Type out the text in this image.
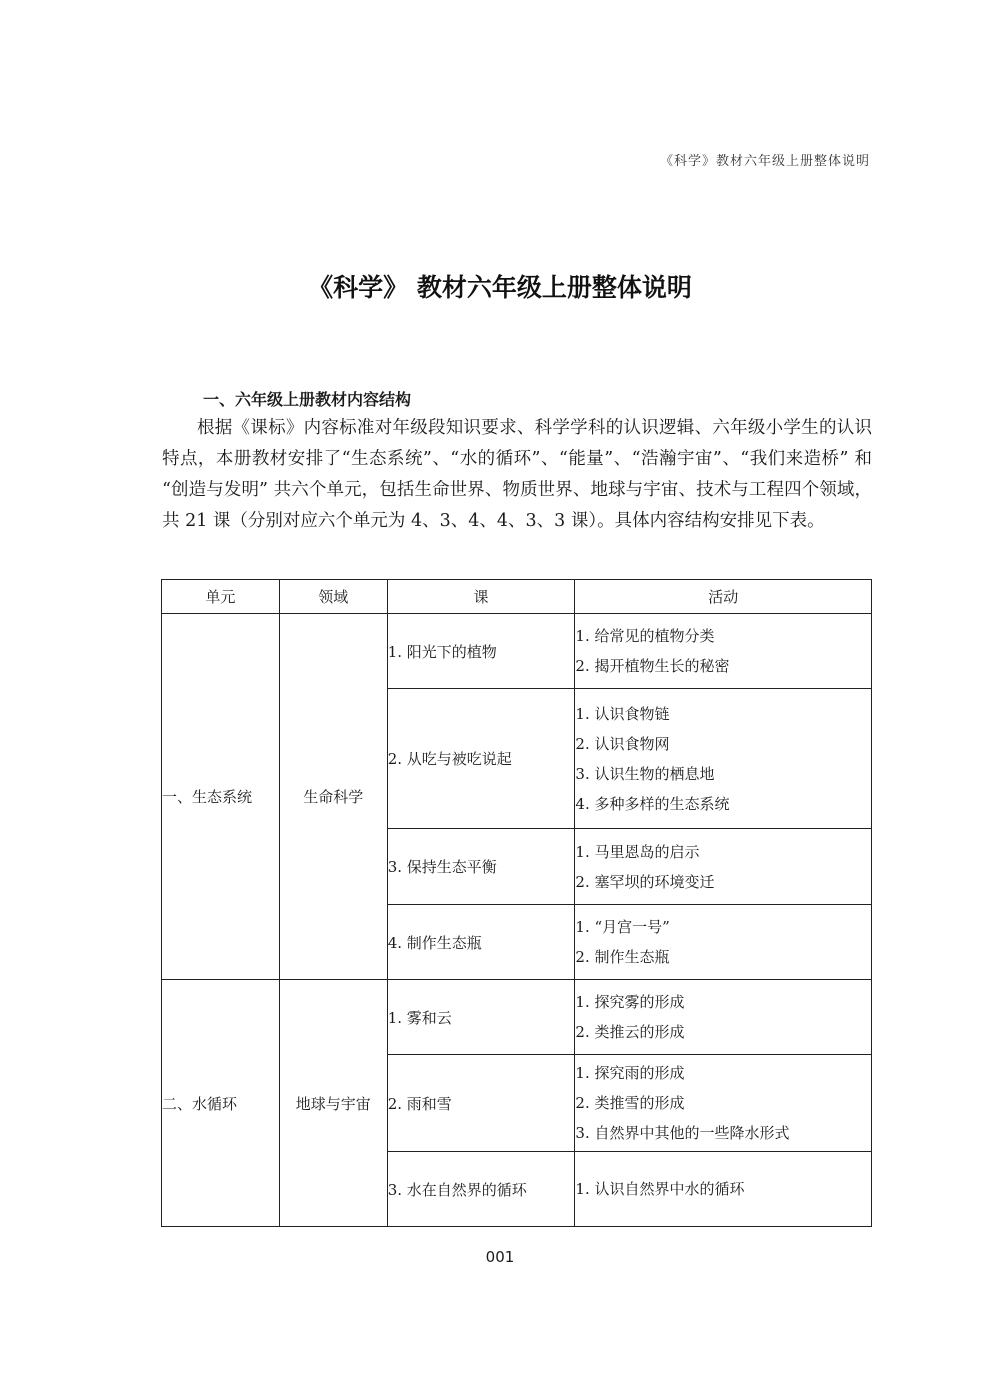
《科学》教材六年级上册整体说明
《科学》 教材六年级上册整体说明
一、六年级上册教材内容结构

根据《课标》内容标准对年级段知识要求、科学学科的认识逻辑、六年级小学生的认识特点，本册教材安排了“生态系统”、“水的循环”、“能量”、“浩瀚宇宙”、“我们来造桥” 和 “创造与发明” 共六个单元，包括生命世界、物质世界、地球与宇宙、技术与工程四个领域，共 21 课（分别对应六个单元为 4、3、4、4、3、3 课）。具体内容结构安排见下表。

单元	领域	课	活动
一、生态系统	生命科学	1. 阳光下的植物	1. 给常见的植物分类
2. 揭开植物生长的秘密

		2. 从吃与被吃说起	1. 认识食物链
2. 认识食物网
3. 认识生物的栖息地
4. 多种多样的生态系统

		3. 保持生态平衡	1. 马里恩岛的启示
2. 塞罕坝的环境变迁

		4. 制作生态瓶	1. “月宫一号”
2. 制作生态瓶

二、水循环	地球与宇宙	1. 雾和云	1. 探究雾的形成
2. 类推云的形成

		2. 雨和雪	1. 探究雨的形成
2. 类推雪的形成
3. 自然界中其他的一些降水形式

		3. 水在自然界的循环	1. 认识自然界中水的循环
001
